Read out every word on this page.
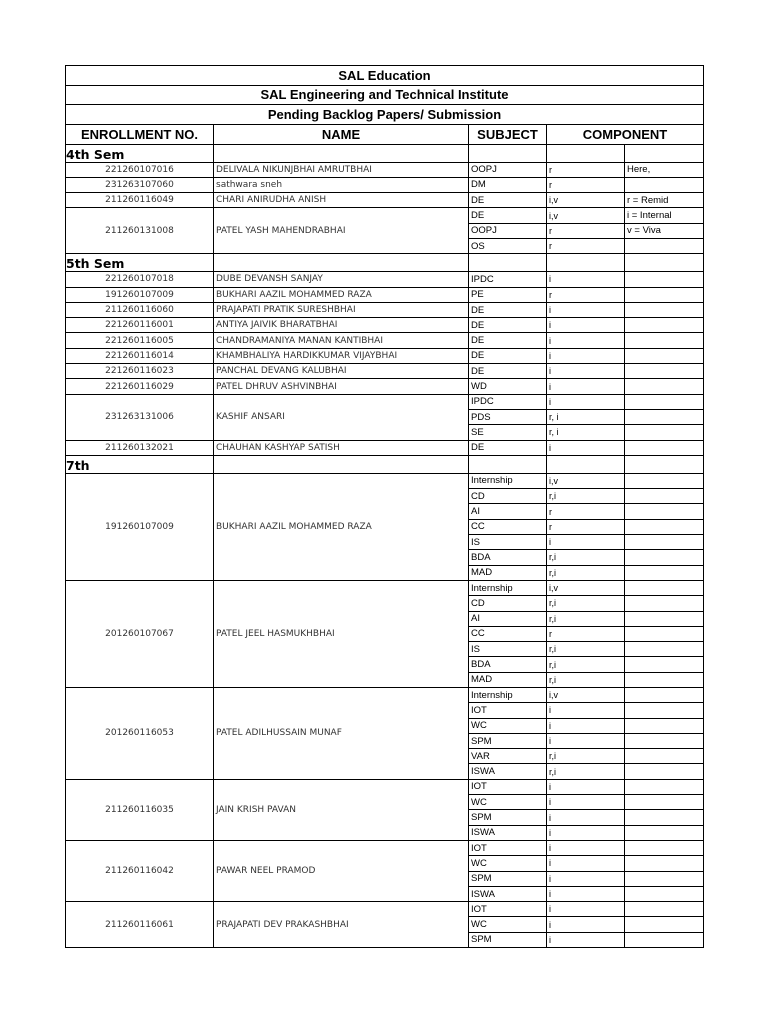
SAL Education				
SAL Engineering and Technical Institute				
Pending Backlog Papers/ Submission				
ENROLLMENT NO.	NAME	SUBJECT	COMPONENT	
4th Sem				
221260107016	DELIVALA NIKUNJBHAI AMRUTBHAI	OOPJ	r	Here,
231263107060	sathwara sneh	DM	r	
211260116049	CHARI ANIRUDHA ANISH	DE	i,v	r = Remid
211260131008	PATEL YASH MAHENDRABHAI	DE	i,v	i = Internal
		OOPJ	r	v = Viva
		OS	r	
5th Sem				
221260107018	DUBE DEVANSH SANJAY	IPDC	i	
191260107009	BUKHARI AAZIL MOHAMMED RAZA	PE	r	
211260116060	PRAJAPATI PRATIK SURESHBHAI	DE	i	
221260116001	ANTIYA JAIVIK BHARATBHAI	DE	i	
221260116005	CHANDRAMANIYA MANAN KANTIBHAI	DE	i	
221260116014	KHAMBHALIYA HARDIKKUMAR VIJAYBHAI	DE	i	
221260116023	PANCHAL DEVANG KALUBHAI	DE	i	
221260116029	PATEL DHRUV ASHVINBHAI	WD	i	
231263131006	KASHIF ANSARI	IPDC	i	
		PDS	r, i	
		SE	r, i	
211260132021	CHAUHAN KASHYAP SATISH	DE	i	
7th				
191260107009	BUKHARI AAZIL MOHAMMED RAZA	Internship	i,v	
		CD	r,i	
		AI	r	
		CC	r	
		IS	i	
		BDA	r,i	
		MAD	r,i	
201260107067	PATEL JEEL HASMUKHBHAI	Internship	i,v	
		CD	r,i	
		AI	r,i	
		CC	r	
		IS	r,i	
		BDA	r,i	
		MAD	r,i	
201260116053	PATEL ADILHUSSAIN MUNAF	Internship	i,v	
		IOT	i	
		WC	i	
		SPM	i	
		VAR	r,i	
		ISWA	r,i	
211260116035	JAIN KRISH PAVAN	IOT	i	
		WC	i	
		SPM	i	
		ISWA	i	
211260116042	PAWAR NEEL PRAMOD	IOT	i	
		WC	i	
		SPM	i	
		ISWA	i	
211260116061	PRAJAPATI DEV PRAKASHBHAI	IOT	i	
		WC	i	
		SPM	i	
